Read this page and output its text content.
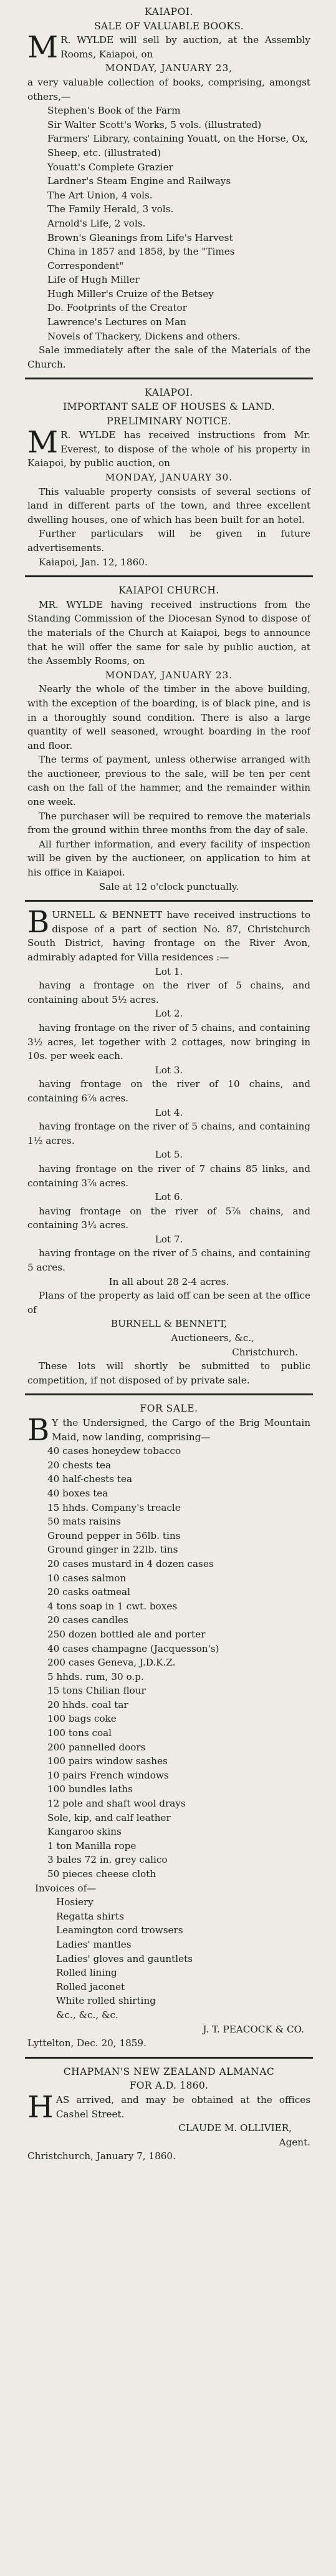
KAIAPOI.
SALE OF VALUABLE BOOKS.
M R. WYLDE will sell by auction, at the Assembly Rooms, Kaiapoi, on

MONDAY, JANUARY 23,

a very valuable collection of books, comprising, amongst others,—

Stephen's Book of the Farm
Sir Walter Scott's Works, 5 vols. (illustrated)
Farmers' Library, containing Youatt, on the Horse, Ox, Sheep, etc. (illustrated)
Youatt's Complete Grazier
Lardner's Steam Engine and Railways
The Art Union, 4 vols.
The Family Herald, 3 vols.
Arnold's Life, 2 vols.
Brown's Gleanings from Life's Harvest
China in 1857 and 1858, by the "Times Correspondent"
Life of Hugh Miller
Hugh Miller's Cruize of the Betsey
Do. Footprints of the Creator
Lawrence's Lectures on Man
Novels of Thackery, Dickens and others.

Sale immediately after the sale of the Materials of the Church.

KAIAPOI.
IMPORTANT SALE OF HOUSES & LAND.
PRELIMINARY NOTICE.
M R. WYLDE has received instructions from Mr. Everest, to dispose of the whole of his property in Kaiapoi, by public auction, on

MONDAY, JANUARY 30.

This valuable property consists of several sections of land in different parts of the town, and three excellent dwelling houses, one of which has been built for an hotel.

Further particulars will be given in future advertisements.

Kaiapoi, Jan. 12, 1860.

KAIAPOI CHURCH.

MR. WYLDE having received instructions from the Standing Commission of the Diocesan Synod to dispose of the materials of the Church at Kaiapoi, begs to announce that he will offer the same for sale by public auction, at the Assembly Rooms, on

MONDAY, JANUARY 23.

Nearly the whole of the timber in the above building, with the exception of the boarding, is of black pine, and is in a thoroughly sound condition. There is also a large quantity of well seasoned, wrought boarding in the roof and floor.

The terms of payment, unless otherwise arranged with the auctioneer, previous to the sale, will be ten per cent cash on the fall of the hammer, and the remainder within one week.

The purchaser will be required to remove the materials from the ground within three months from the day of sale.

All further information, and every facility of inspection will be given by the auctioneer, on application to him at his office in Kaiapoi.

Sale at 12 o'clock punctually.
B URNELL & BENNETT have received instructions to dispose of a part of section No. 87, Christchurch South District, having frontage on the River Avon, admirably adapted for Villa residences :—

Lot 1.

having a frontage on the river of 5 chains, and containing about 5½ acres.

Lot 2.

having frontage on the river of 5 chains, and containing 3½ acres, let together with 2 cottages, now bringing in 10s. per week each.

Lot 3.

having frontage on the river of 10 chains, and containing 6⅞ acres.

Lot 4.

having frontage on the river of 5 chains, and containing 1½ acres.

Lot 5.

having frontage on the river of 7 chains 85 links, and containing 3⅞ acres.

Lot 6.

having frontage on the river of 5⅞ chains, and containing 3¼ acres.

Lot 7.

having frontage on the river of 5 chains, and containing 5 acres.

In all about 28 2-4 acres.

Plans of the property as laid off can be seen at the office of

BURNELL & BENNETT,
Auctioneers, &c.,
Christchurch.

These lots will shortly be submitted to public competition, if not disposed of by private sale.

FOR SALE.
B Y the Undersigned, the Cargo of the Brig Mountain Maid, now landing, comprising—

40 cases honeydew tobacco
20 chests tea
40 half-chests tea
40 boxes tea
15 hhds. Company's treacle
50 mats raisins
Ground pepper in 56lb. tins
Ground ginger in 22lb. tins
20 cases mustard in 4 dozen cases
10 cases salmon
20 casks oatmeal
4 tons soap in 1 cwt. boxes
20 cases candles
250 dozen bottled ale and porter
40 cases champagne (Jacquesson's)
200 cases Geneva, J.D.K.Z.
5 hhds. rum, 30 o.p.
15 tons Chilian flour
20 hhds. coal tar
100 bags coke
100 tons coal
200 pannelled doors
100 pairs window sashes
10 pairs French windows
100 bundles laths
12 pole and shaft wool drays
Sole, kip, and calf leather
Kangaroo skins
1 ton Manilla rope
3 bales 72 in. grey calico
50 pieces cheese cloth
Invoices of—
Hosiery
Regatta shirts
Leamington cord trowsers
Ladies' mantles
Ladies' gloves and gauntlets
Rolled lining
Rolled jaconet
White rolled shirting
&c., &c., &c.
J. T. PEACOCK & CO.
Lyttelton, Dec. 20, 1859.
CHAPMAN'S NEW ZEALAND ALMANAC
FOR A.D. 1860.
H AS arrived, and may be obtained at the offices Cashel Street.

CLAUDE M. OLLIVIER,
Agent.
Christchurch, January 7, 1860.
